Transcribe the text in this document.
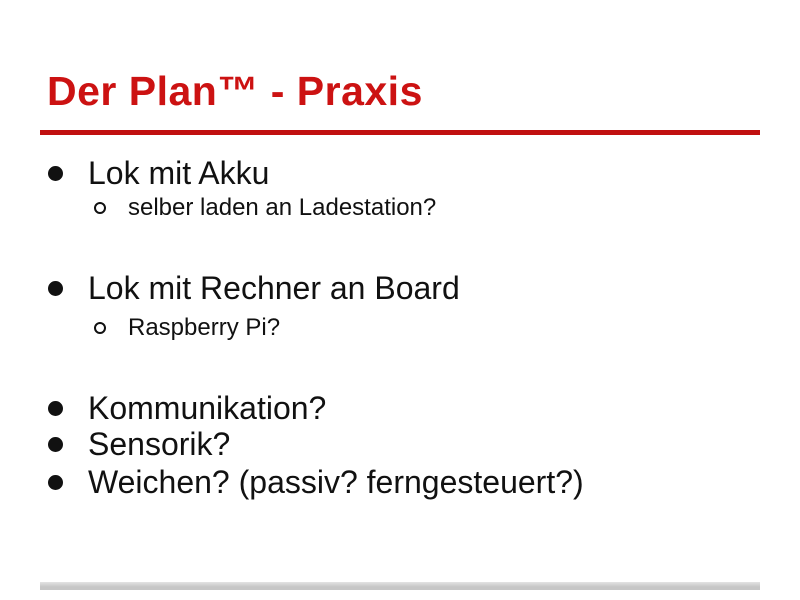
Der Plan™ - Praxis
Lok mit Akku
selber laden an Ladestation?
Lok mit Rechner an Board
Raspberry Pi?
Kommunikation?
Sensorik?
Weichen? (passiv? ferngesteuert?)
